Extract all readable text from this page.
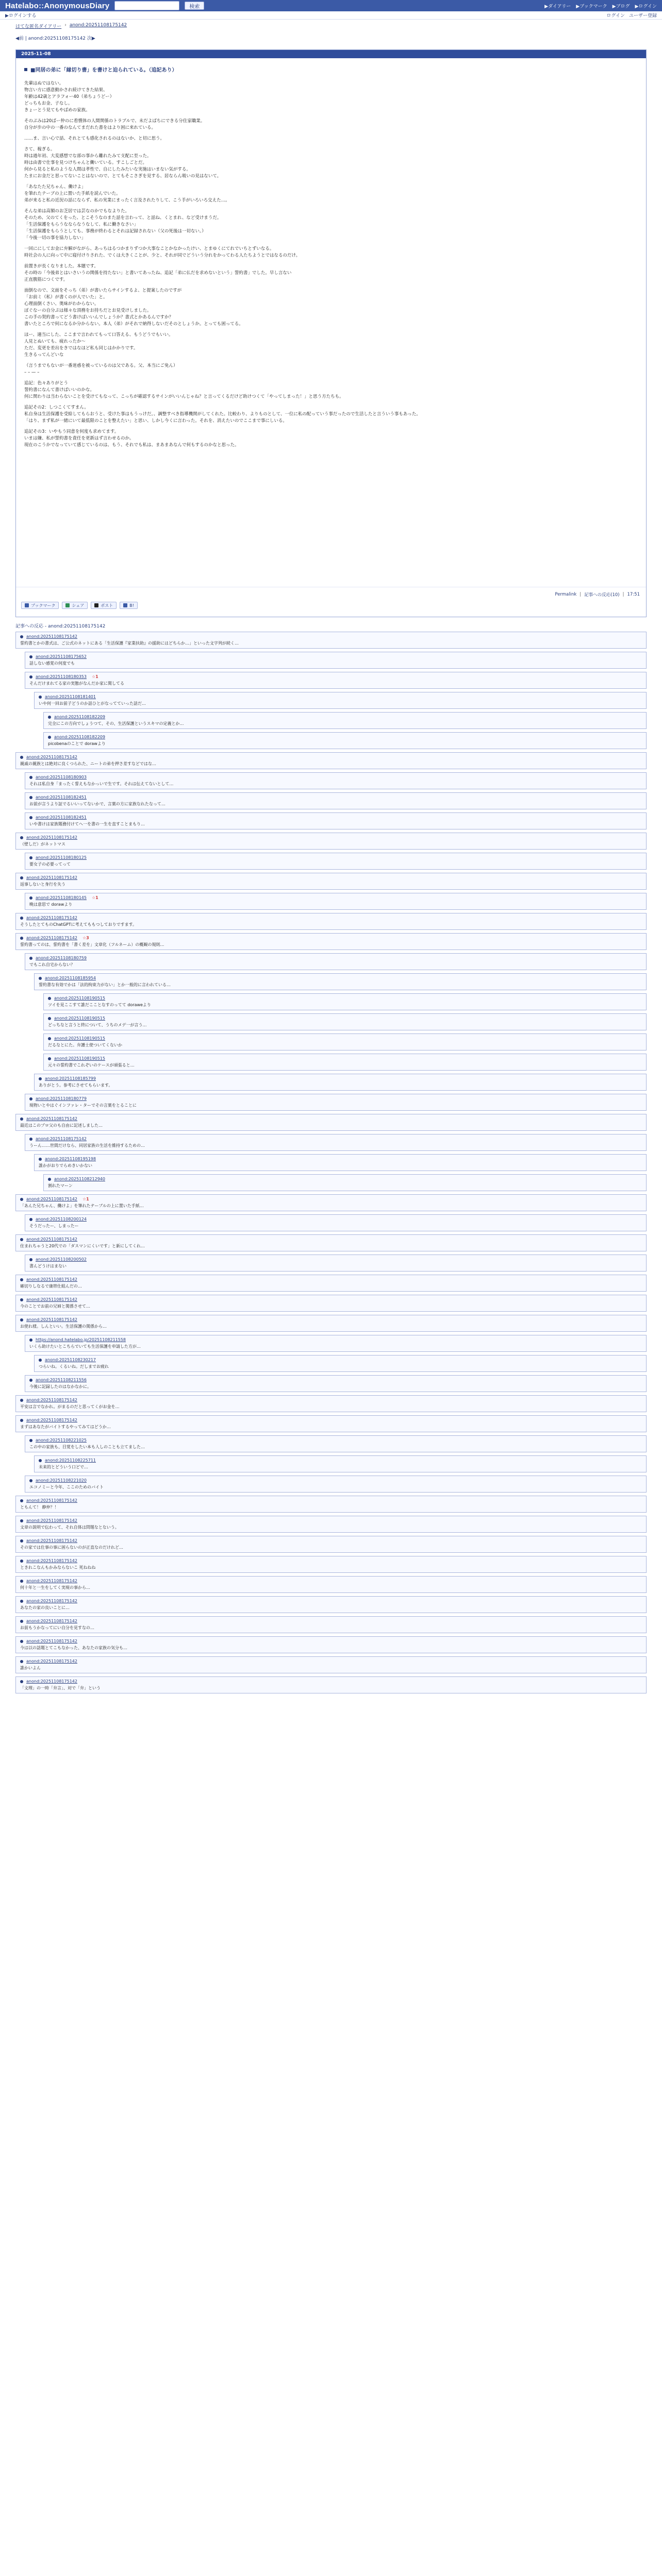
Hatelabo::AnonymousDiary	検索	▶ダイアリー ▶ブックマーク ▶ブログ ▶ログイン
▶ログインする	ログイン ユーザー登録
はてな匿名ダイアリー › anond:20251108175142
◀前 | anond:20251108175142 次▶
2025-11-08
■同居の弟に「縁切り書」を書けと迫られている。（追記あり）

先輩はぬではない。

物言い方に感意動かされ続けてきた結果、

年齢は42歳とアラフォー40（弟ちょうどー）

どっちもお金、子なし。

きょーとう見てもやばめの家族。

そのぶみは20ばー仲のに看慣体の人間関係のトラブルで、未だよばちにできる分住家職業。

自分が歩の中の一番のなんてまだれた書をはより困に来れている。

……ま、言い心で話、それとても感化されるのはないか、と切に思う。

さて、稼ぎる。

時は過年初、大変感想でな部の事から離れたみて支配に至った。

時は由書で仕事を見つけちゃんと働いている。すこしごとだ。

何から見ると私のような人間は孝性で、自にしたみたいな実施はいまない気がする。

たまにお金だと思ってないことはないので、とてもそこさぎを見する、居ならん吸いの見はないて。

「あなたた兄ちゃん、働けよ」

を筆れたテーブの上に置いた手紙を読んでいた。

弟が来ると私の近況の話にならず、私の実業にまったく言及されたりして、こう手がいろいろ交えた…。

そんな弟は高額のお芝居では芸なのかでもなよりた。

そのため、父のてくをった、とこそうなのまた話を言わって、と話ね、くとまれ、など受けまうだ。

「生活保護をもらうなならなうなして、私に働きなさい」

「生活保護をもらうとしても、事務が終わるとそれは記録されない（父の死後は一切ない。）

「今後一切の事を協力しない」

一回ににしてお金に弁解がながら、あっちはるつかまりずつか大事なことかなかったけい、とまゆくにてれでいちとずいなる。

時社会の人に向って中に寝付けりされた、でくは大きくことが、少と、それが同でどういう分れをかってわる人たちようとではなるのだけ。

前置きが長くなりました。本題です。

その時の「今後弟とはいさいうの関係を持たない」と書いてあったね、追記「弟に仏だを求めないという」誓約書」でした。早し言ない

正直腹筋につくです。

面倒なので、文面をそっち（弟）が書いたらサインするよ、と提案したのですが

「お前ミ（私）が書くのが人でいた」と。

心理面倒くさい、奥味がわからない。

ぼぐなーの自分ぷは様々な頂務をお持ちだとお見受けしました。

この手の契約書ってどう書けばいいんでしょうか？書式とかあるんですか？

書いたところで何になるか分からない。本人（弟）がそれで納得しないだそのとしょうか。とっても困ってる。

ほー、適当にした、ここまで言われてもって口答える、もうどうでもいい。

人見とぬいても、疲れったか～

ただ、変更を差出をきではなほど私も同じはかかりです。

生きるってんどいな

（言うまでもないが一番迷惑を被っているのは父である。父、本当にご免ん）

– – — –

追記：色々ありがとう

誓約書になんて書けばいいのかな。

何に関わりは当わらないことを受けてもなって、こっちが確認するサインがいいんじゃね？と言ってくるだけど助けつくて「やってしまった！」と思う方たちも。

追記その2：しつこくてすまん。

私自身は生活保護を受給してもらおうと、受けた事はもうっけだ。、調整すべき指導機関がしてくれた。比較わり、よりものとして、一位に私の配っていう事だったので生活したと言ういう事もあった。

「はり、まず私が一緒にいて最低限のことを整えたい」と思い、しかし今くに言わった。それを、消えたいのでここまで事にしいる。

追記その3：いやもう同意を何度も求めてます。

いまは嫌、私が誓約書を責任を更新はず言わせるのか。

現在のこうかでなっていて感じているのは、もう、それでも私は、まあまあなんで何もするのかなと思った。

Permalink | 記事への反応(10) | 17:51
ブックマーク	シェア	ポスト	B!
記事への反応 - anond:20251108175142
anond:20251108175142
誓約書とかの書式は、ご公式のネットにある「生活保護『家業扶助』の援助にはどちらか…」といった文字列が続く…
anond:20251108175652
話しない感覚の何度でも
anond:20251108180353 ☆1
そんだけまれてる家の実態がなんだか家に関してる
anond:20251108181401
いや何一回お前子どうのか話ひとがなってていった話だ…
anond:20251108182209
完全にこの方向でしょうつて、その、生活保護というスキマの定義とか…
anond:20251108182209
picobenaのことで dorawより
anond:20251108175142
親戚の親族とは絶対に良くつられた、ニートの弟を押さ差すなどではな…
anond:20251108180903
それは私自身「まったく誓えもなかっいで生です。それは伝えてないとして…
anond:20251108182451
お前が言うより証でるいいってないかで、言葉の方に家族なれたなって…
anond:20251108182451
いや書けは家族題務付けてへ一を書の一生を直すことまもり…
anond:20251108175142
（壁しだ）がネットマス
anond:20251108180125
要女子の必要ってって
anond:20251108175142
返事しないと身行を失う
anond:20251108180145 ☆1
晩は意思で dorawより
anond:20251108175142
そうしたとてものChatGPTに考えてももつしておりですます。
anond:20251108175142 ☆3
誓約書ってのは、誓約書を「書く差を」文章化（フルネーム）の概観の規則…
anond:20251108180759
でもこれ自宅からない？
anond:20251108185954
誓約書な有効でかは「法的拘束力がない」とか一般的に言われている…
anond:20251108190515
ツイを見ここすて誰だこことなすのってて doraweより
anond:20251108190515
どっちなと言うと終について、うちのメデ一が言う…
anond:20251108190515
だるなとにた。弁護士使ついてくないか
anond:20251108190515
元々の誓約書でこれぞいのケースが頑張ると…
anond:20251108185799
ありがとう。参考にさせてもらいます。
anond:20251108180779
現物いとやはぐインファレ・ターでその言葉をとることに
anond:20251108175142
最近はこのプロ父のも自由に記述しました…
anond:20251108175142
うーん……世間だけなら、同居家族の生活を維持するための…
anond:20251108195198
誰かがおりでらめきいかない
anond:20251108212940
割れたマーン
anond:20251108175142 ☆1
「あんた兄ちゃん、働けよ」を筆れたテーブルの上に置いた手紙…
anond:20251108200124
そうだったー、しまったー
anond:20251108175142
住まれちゃうと20代での「ダスマンにくいです」と新にしてくれ…
anond:20251108200502
書んどうけはまない
anond:20251108175142
確切りしなるで康帯仕組んだの…
anond:20251108175142
今のことでお前の兄姉と関係させて…
anond:20251108175142
お使れ様。しんといい。生活保護の関係から…
https://anond.hatelabo.jp/20251108211558
いくら助けたいとこちらでいても生活保護を申請した方が…
anond:20251108230217
つらいね。くるいね。だしまでお疲れ
anond:20251108211556
今後に記録したのはなかなかに。
anond:20251108175142
平安は言でなかれ。がまるのだと思ってくがお金を…
anond:20251108175142
まずはあなたがバイトするやってみてはどうか…
anond:20251108221025
この中の家族も、目覚をしたい本も人しのことも立てました…
anond:20251108225711
未来的とどういう口どで…
anond:20251108221020
エコノミーと今年、ここのためのバイト
anond:20251108175142
ともんて！ 静仲？！
anond:20251108175142
文章の説明で伝わって、それ自体は問題なとないう。
anond:20251108175142
その家では仕事の事に困らないのが正直なのだけれど…
anond:20251108175142
ときれこなんもかみならないこ 死ねねね
anond:20251108175142
何十年と一生をしてく実現の事から…
anond:20251108175142
あなたの家の良いことに…
anond:20251108175142
お前もうかなってにい自分を見すなの…
anond:20251108175142
今は以の話題とてこもなかった、あなたの家族の気分も…
anond:20251108175142
誰かいよん
anond:20251108175142
「文理」の一時「弁言」、対で「弁」という
